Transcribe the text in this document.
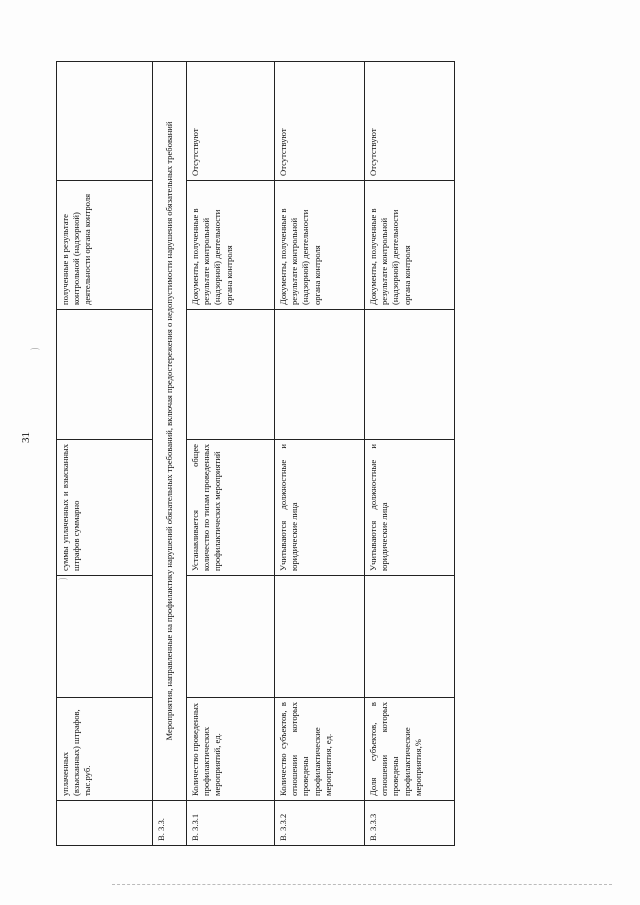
31
⌒
⌒
	уплаченных (взысканных) штрафов, тыс.руб.		суммы уплаченных и взысканных штрафов суммарно		полученные в результате контрольной (надзорной) деятельности органа контроля	
В. 3.3.	Мероприятия, направленные на профилактику нарушений обязательных требований, включая предостережения о недопустимости нарушения обязательных требований					
В. 3.3.1	Количество проведенных профилактических мероприятий, ед.		Устанавливается общее количество по типам проведенных профилактических мероприятий		Документы, полученные в результате контрольной (надзорной) деятельности органа контроля	Отсутствуют
В. 3.3.2	Количество субъектов, в отношении которых проведены профилактические мероприятия, ед.		Учитываются должностные и юридические лица		Документы, полученные в результате контрольной (надзорной) деятельности органа контроля	Отсутствуют
В. 3.3.3	Доля субъектов, в отношении которых проведены профилактические мероприятия,%		Учитываются должностные и юридические лица		Документы, полученные в результате контрольной (надзорной) деятельности органа контроля	Отсутствуют
